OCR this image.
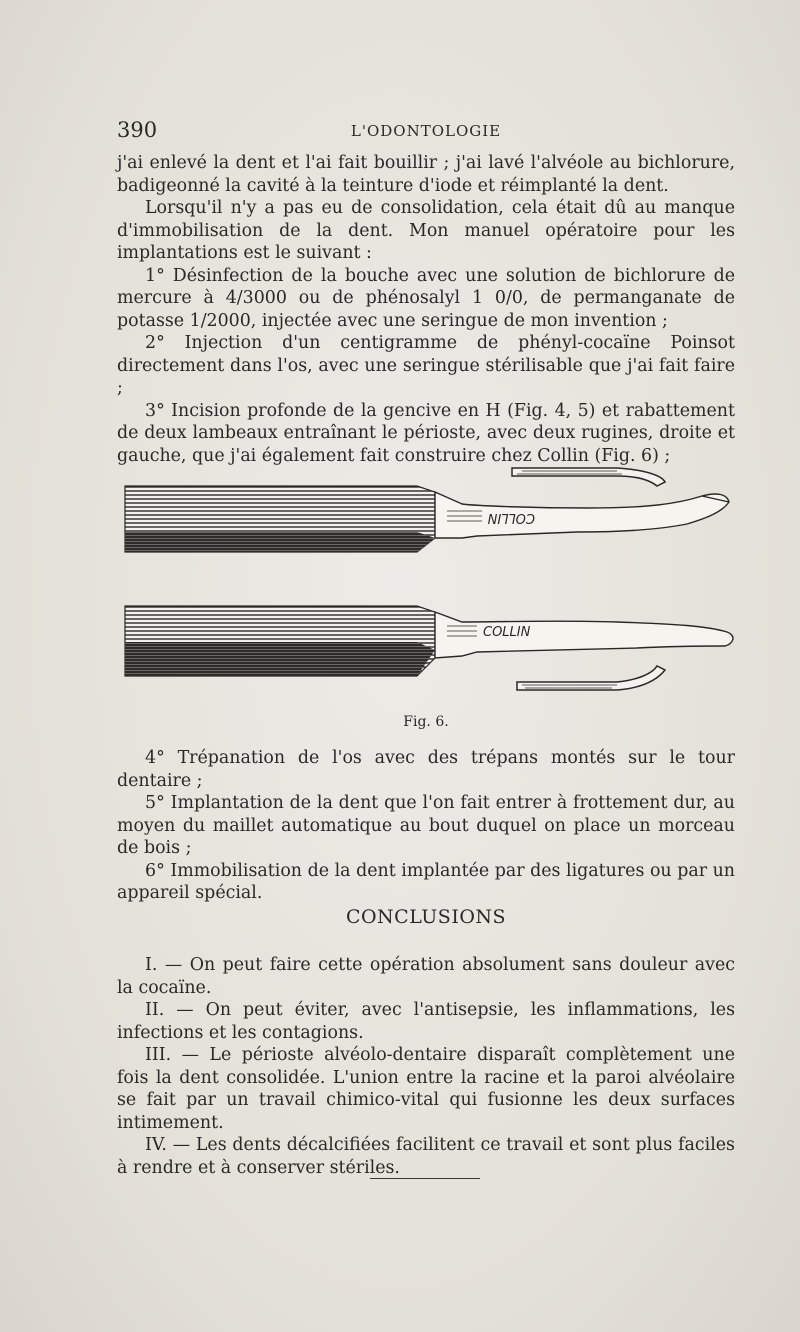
390	L'ODONTOLOGIE

j'ai enlevé la dent et l'ai fait bouillir ; j'ai lavé l'alvéole au bichlorure, badigeonné la cavité à la teinture d'iode et réimplanté la dent.

Lorsqu'il n'y a pas eu de consolidation, cela était dû au manque d'immobilisation de la dent. Mon manuel opératoire pour les implantations est le suivant :

1° Désinfection de la bouche avec une solution de bichlorure de mercure à 4/3000 ou de phénosalyl 1 0/0, de permanganate de potasse 1/2000, injectée avec une seringue de mon invention ;

2° Injection d'un centigramme de phényl-cocaïne Poinsot directement dans l'os, avec une seringue stérilisable que j'ai fait faire ;

3° Incision profonde de la gencive en H (Fig. 4, 5) et rabattement de deux lambeaux entraînant le périoste, avec deux rugines, droite et gauche, que j'ai également fait construire chez Collin (Fig. 6) ;

COLLIN
COLLIN
Fig. 6.

4° Trépanation de l'os avec des trépans montés sur le tour dentaire ;

5° Implantation de la dent que l'on fait entrer à frottement dur, au moyen du maillet automatique au bout duquel on place un morceau de bois ;

6° Immobilisation de la dent implantée par des ligatures ou par un appareil spécial.

CONCLUSIONS

I. — On peut faire cette opération absolument sans douleur avec la cocaïne.

II. — On peut éviter, avec l'antisepsie, les inflammations, les infections et les contagions.

III. — Le périoste alvéolo-dentaire disparaît complètement une fois la dent consolidée. L'union entre la racine et la paroi alvéolaire se fait par un travail chimico-vital qui fusionne les deux surfaces intimement.

IV. — Les dents décalcifiées facilitent ce travail et sont plus faciles à rendre et à conserver stériles.
